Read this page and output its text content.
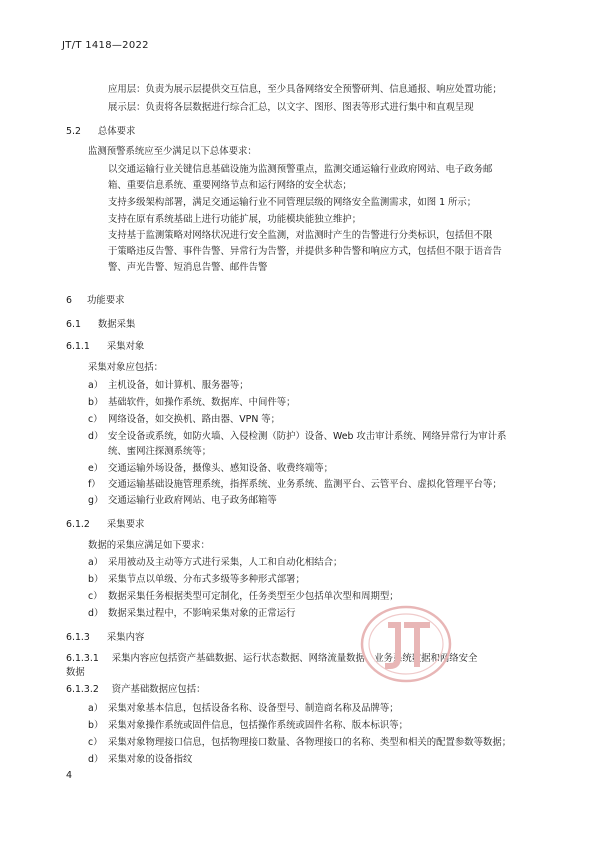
JT/T 1418—2022
应用层：负责为展示层提供交互信息，至少具备网络安全预警研判、信息通报、响应处置功能；
展示层：负责将各层数据进行综合汇总，以文字、图形、图表等形式进行集中和直观呈现
5.2 总体要求
监测预警系统应至少满足以下总体要求：
以交通运输行业关键信息基础设施为监测预警重点，监测交通运输行业政府网站、电子政务邮
箱、重要信息系统、重要网络节点和运行网络的安全状态；
支持多级架构部署，满足交通运输行业不同管理层级的网络安全监测需求，如图 1 所示；
支持在原有系统基础上进行功能扩展，功能模块能独立维护；
支持基于监测策略对网络状况进行安全监测，对监测时产生的告警进行分类标识，包括但不限
于策略违反告警、事件告警、异常行为告警，并提供多种告警和响应方式，包括但不限于语音告
警、声光告警、短消息告警、邮件告警
6 功能要求
6.1 数据采集
6.1.1 采集对象
采集对象应包括：
a） 主机设备，如计算机、服务器等；
b） 基础软件，如操作系统、数据库、中间件等；
c） 网络设备，如交换机、路由器、VPN 等；
d） 安全设备或系统，如防火墙、入侵检测（防护）设备、Web 攻击审计系统、网络异常行为审计系
统、蜜网注探测系统等；
e） 交通运输外场设备，摄像头、感知设备、收费终端等；
f） 交通运输基础设施管理系统，指挥系统、业务系统、监测平台、云管平台、虚拟化管理平台等；
g） 交通运输行业政府网站、电子政务邮箱等
6.1.2 采集要求
数据的采集应满足如下要求：
a） 采用被动及主动等方式进行采集，人工和自动化相结合；
b） 采集节点以单级、分布式多级等多种形式部署；
c） 数据采集任务根据类型可定制化，任务类型至少包括单次型和周期型；
d） 数据采集过程中，不影响采集对象的正常运行
6.1.3 采集内容
6.1.3.1 采集内容应包括资产基础数据、运行状态数据、网络流量数据、业务系统数据和网络安全
数据
6.1.3.2 资产基础数据应包括：
a） 采集对象基本信息，包括设备名称、设备型号、制造商名称及品牌等；
b） 采集对象操作系统或固件信息，包括操作系统或固件名称、版本标识等；
c） 采集对象物理接口信息，包括物理接口数量、各物理接口的名称、类型和相关的配置参数等数据；
d） 采集对象的设备指纹
4
